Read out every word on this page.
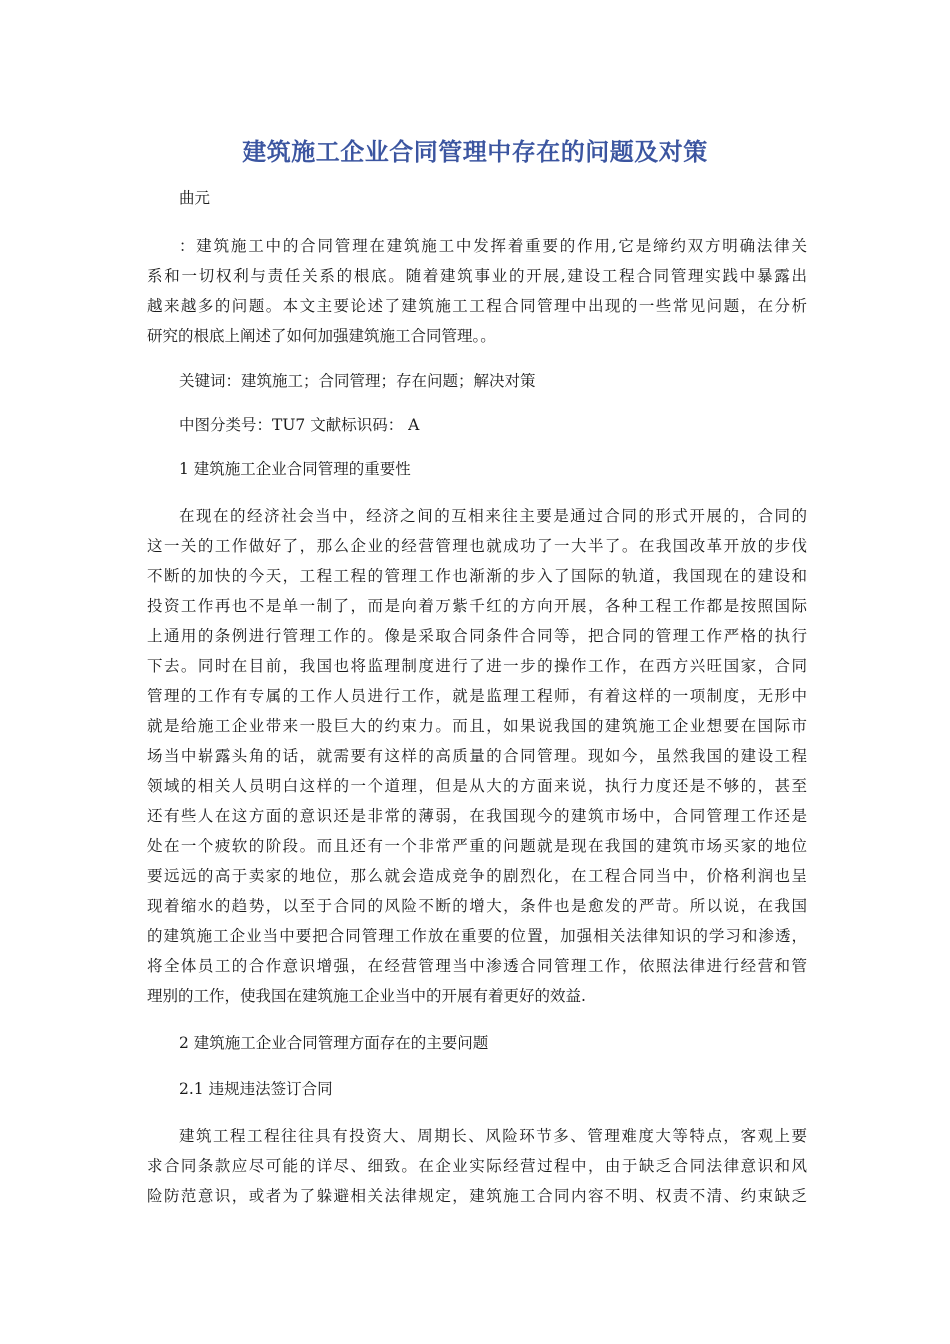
建筑施工企业合同管理中存在的问题及对策
曲元
：建筑施工中的合同管理在建筑施工中发挥着重要的作用,它是缔约双方明确法律关
系和一切权利与责任关系的根底。随着建筑事业的开展,建设工程合同管理实践中暴露出
越来越多的问题。本文主要论述了建筑施工工程合同管理中出现的一些常见问题，在分析
研究的根底上阐述了如何加强建筑施工合同管理。。
关键词：建筑施工；合同管理；存在问题；解决对策
中图分类号：TU7 文献标识码： A
1 建筑施工企业合同管理的重要性
在现在的经济社会当中，经济之间的互相来往主要是通过合同的形式开展的，合同的
这一关的工作做好了，那么企业的经营管理也就成功了一大半了。在我国改革开放的步伐
不断的加快的今天，工程工程的管理工作也渐渐的步入了国际的轨道，我国现在的建设和
投资工作再也不是单一制了，而是向着万紫千红的方向开展，各种工程工作都是按照国际
上通用的条例进行管理工作的。像是采取合同条件合同等，把合同的管理工作严格的执行
下去。同时在目前，我国也将监理制度进行了进一步的操作工作，在西方兴旺国家，合同
管理的工作有专属的工作人员进行工作，就是监理工程师，有着这样的一项制度，无形中
就是给施工企业带来一股巨大的约束力。而且，如果说我国的建筑施工企业想要在国际市
场当中崭露头角的话，就需要有这样的高质量的合同管理。现如今，虽然我国的建设工程
领域的相关人员明白这样的一个道理，但是从大的方面来说，执行力度还是不够的，甚至
还有些人在这方面的意识还是非常的薄弱，在我国现今的建筑市场中，合同管理工作还是
处在一个疲软的阶段。而且还有一个非常严重的问题就是现在我国的建筑市场买家的地位
要远远的高于卖家的地位，那么就会造成竞争的剧烈化，在工程合同当中，价格利润也呈
现着缩水的趋势，以至于合同的风险不断的增大，条件也是愈发的严苛。所以说，在我国
的建筑施工企业当中要把合同管理工作放在重要的位置，加强相关法律知识的学习和渗透，
将全体员工的合作意识增强，在经营管理当中渗透合同管理工作，依照法律进行经营和管
理别的工作，使我国在建筑施工企业当中的开展有着更好的效益.
2 建筑施工企业合同管理方面存在的主要问题
2.1 违规违法签订合同
建筑工程工程往往具有投资大、周期长、风险环节多、管理难度大等特点，客观上要
求合同条款应尽可能的详尽、细致。在企业实际经营过程中，由于缺乏合同法律意识和风
险防范意识，或者为了躲避相关法律规定，建筑施工合同内容不明、权责不清、约束缺乏
